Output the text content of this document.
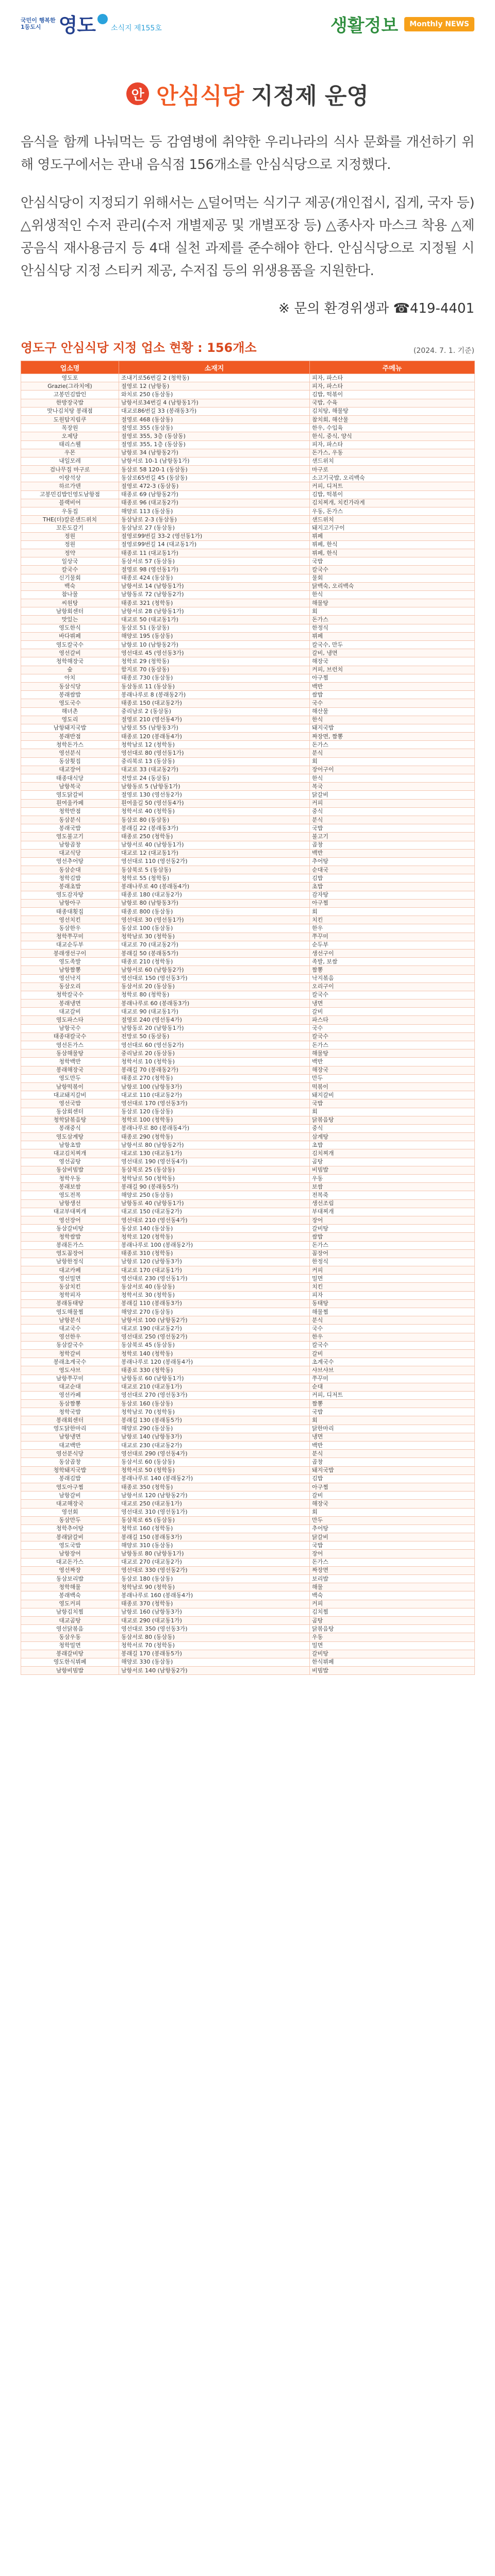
국민이 행복한
1등도시 영도 소식지 제155호	생활정보	Monthly NEWS
안 안심식당 지정제 운영
음식을 함께 나눠먹는 등 감염병에 취약한 우리나라의 식사 문화를 개선하기 위해 영도구에서는 관내 음식점 156개소를 안심식당으로 지정했다.
안심식당이 지정되기 위해서는 △덜어먹는 식기구 제공(개인접시, 집게, 국자 등) △위생적인 수저 관리(수저 개별제공 및 개별포장 등) △종사자 마스크 착용 △제공음식 재사용금지 등 4대 실천 과제를 준수해야 한다. 안심식당으로 지정될 시 안심식당 지정 스티커 제공, 수저집 등의 위생용품을 지원한다.
※ 문의 환경위생과 ☎419-4401
영도구 안심식당 지정 업소 현황 : 156개소	(2024. 7. 1. 기준)
업소명	소재지	주메뉴
영도포	조내기로56번길 2 (청학동)	피자, 파스타
Grazie(그라치에)	절영로 12 (남항동)	피자, 파스타
고봉민김밥인	와치로 250 (동삼동)	김밥, 떡볶이
한방장국밥	남항서로34번길 4 (남항동1가)	국밥, 수육
맛나김치탕 봉래점	대교로86번길 33 (봉래동3가)	김치탕, 해물탕
도원탐지림쿠	절영로 468 (동삼동)	참치회, 해산물
목장원	절영로 355 (동삼동)	한우, 수입육
오제당	절영로 355, 3층 (동삼동)	한식, 중식, 양식
태리스웰	절영로 355, 1층 (동삼동)	피자, 파스타
우몬	남항로 34 (남항동2가)	돈가스, 우동
내일모레	남항서로 10-1 (남항동1가)	샌드위치
검나무집 마구로	동삼로 58 120-1 (동삼동)	마구로
이랑석상	동삼로65번길 45 (동삼동)	소고기국밥, 오리백숙
하르가덴	절영로 472-3 (동삼동)	커피, 디저트
고봉민김밥인영도남항점	태종로 69 (남항동2가)	김밥, 떡볶이
블랙비어	태종로 96 (대교동2가)	김치찌개, 치킨가라게
우동집	해양로 113 (동삼동)	우동, 돈가스
THE(더)칼론샌드위치	동삼남로 2-3 (동삼동)	샌드위치
꼬돈도갈기	동삼남로 27 (동삼동)	돼지고기구이
정원	절영로99번길 33-2 (영선동1가)	뷔페
정원	절영로99번길 14 (대교동1가)	뷔페, 한식
정약	태종로 11 (대교동1가)	뷔페, 한식
일상국	동삼서로 57 (동삼동)	국밥
칼국수	절영로 98 (영선동1가)	칼국수
신기물회	태종로 424 (동삼동)	물회
백숙	남항서로 14 (남항동1가)	닭백숙, 오리백숙
참나물	남항동로 72 (남항동2가)	한식
씨원탕	태종로 321 (청학동)	해물탕
남항회센터	남항서로 28 (남항동1가)	회
맛있는	대교로 50 (대교동1가)	돈가스
영도한식	동삼로 51 (동삼동)	한정식
바다뷔페	해양로 195 (동삼동)	뷔페
영도칼국수	남항로 10 (남항동2가)	칼국수, 만두
영선갈비	영선대로 45 (영선동3가)	갈비, 냉면
청학해장국	청학로 29 (청학동)	해장국
숲	함지로 70 (동삼동)	커피, 브런치
아치	태종로 730 (동삼동)	아구찜
동삼식당	동삼동로 11 (동삼동)	백반
봉래쌈밥	봉래나루로 8 (봉래동2가)	쌈밥
영도국수	태종로 150 (대교동2가)	국수
해녀촌	중리남로 2 (동삼동)	해산물
영도리	절영로 210 (영선동4가)	한식
남항돼지국밥	남항로 55 (남항동3가)	돼지국밥
봉래반점	태종로 120 (봉래동4가)	짜장면, 짬뽕
청학돈가스	청학남로 12 (청학동)	돈가스
영선분식	영선대로 80 (영선동1가)	분식
동삼횟집	중리북로 13 (동삼동)	회
대교장어	대교로 33 (대교동2가)	장어구이
태종대식당	전망로 24 (동삼동)	한식
남항복국	남항동로 5 (남항동1가)	복국
영도닭갈비	절영로 130 (영선동2가)	닭갈비
흰여울카페	흰여울길 50 (영선동4가)	커피
청학반점	청학서로 40 (청학동)	중식
동삼분식	동삼로 80 (동삼동)	분식
봉래국밥	봉래길 22 (봉래동3가)	국밥
영도불고기	태종로 250 (청학동)	불고기
남항곱창	남항서로 40 (남항동1가)	곱창
대교식당	대교로 12 (대교동1가)	백반
영선추어탕	영선대로 110 (영선동2가)	추어탕
동삼순대	동삼북로 5 (동삼동)	순대국
청학김밥	청학로 55 (청학동)	김밥
봉래초밥	봉래나루로 40 (봉래동4가)	초밥
영도감자탕	태종로 180 (대교동2가)	감자탕
남항아구	남항로 80 (남항동3가)	아구찜
태종대횟집	태종로 800 (동삼동)	회
영선치킨	영선대로 30 (영선동1가)	치킨
동삼한우	동삼로 100 (동삼동)	한우
청학쭈꾸미	청학남로 30 (청학동)	쭈꾸미
대교순두부	대교로 70 (대교동2가)	순두부
봉래생선구이	봉래길 50 (봉래동5가)	생선구이
영도족발	태종로 210 (청학동)	족발, 보쌈
남항짬뽕	남항서로 60 (남항동2가)	짬뽕
영선낙지	영선대로 150 (영선동3가)	낙지볶음
동삼오리	동삼서로 20 (동삼동)	오리구이
청학칼국수	청학로 80 (청학동)	칼국수
봉래냉면	봉래나루로 60 (봉래동3가)	냉면
대교갈비	대교로 90 (대교동1가)	갈비
영도파스타	절영로 240 (영선동4가)	파스타
남항국수	남항동로 20 (남항동1가)	국수
태종대칼국수	전망로 50 (동삼동)	칼국수
영선돈가스	영선대로 60 (영선동2가)	돈가스
동삼해물탕	중리남로 20 (동삼동)	해물탕
청학백반	청학서로 10 (청학동)	백반
봉래해장국	봉래길 70 (봉래동2가)	해장국
영도만두	태종로 270 (청학동)	만두
남항떡볶이	남항로 100 (남항동3가)	떡볶이
대교돼지갈비	대교로 110 (대교동2가)	돼지갈비
영선국밥	영선대로 170 (영선동3가)	국밥
동삼회센터	동삼로 120 (동삼동)	회
청학닭볶음탕	청학로 100 (청학동)	닭볶음탕
봉래중식	봉래나루로 80 (봉래동4가)	중식
영도삼계탕	태종로 290 (청학동)	삼계탕
남항초밥	남항서로 80 (남항동2가)	초밥
대교김치찌개	대교로 130 (대교동1가)	김치찌개
영선곰탕	영선대로 190 (영선동4가)	곰탕
동삼비빔밥	동삼북로 25 (동삼동)	비빔밥
청학우동	청학남로 50 (청학동)	우동
봉래보쌈	봉래길 90 (봉래동5가)	보쌈
영도전복	해양로 250 (동삼동)	전복죽
남항생선	남항동로 40 (남항동1가)	생선조림
대교부대찌개	대교로 150 (대교동2가)	부대찌개
영선장어	영선대로 210 (영선동4가)	장어
동삼갈비탕	동삼로 140 (동삼동)	갈비탕
청학쌈밥	청학로 120 (청학동)	쌈밥
봉래돈가스	봉래나루로 100 (봉래동2가)	돈가스
영도꼼장어	태종로 310 (청학동)	꼼장어
남항한정식	남항로 120 (남항동3가)	한정식
대교카페	대교로 170 (대교동1가)	커피
영선밀면	영선대로 230 (영선동1가)	밀면
동삼치킨	동삼서로 40 (동삼동)	치킨
청학피자	청학서로 30 (청학동)	피자
봉래동태탕	봉래길 110 (봉래동3가)	동태탕
영도해물찜	해양로 270 (동삼동)	해물찜
남항분식	남항서로 100 (남항동2가)	분식
대교국수	대교로 190 (대교동2가)	국수
영선한우	영선대로 250 (영선동2가)	한우
동삼칼국수	동삼북로 45 (동삼동)	칼국수
청학갈비	청학로 140 (청학동)	갈비
봉래초계국수	봉래나루로 120 (봉래동4가)	초계국수
영도샤브	태종로 330 (청학동)	샤브샤브
남항쭈꾸미	남항동로 60 (남항동1가)	쭈꾸미
대교순대	대교로 210 (대교동1가)	순대
영선카페	영선대로 270 (영선동3가)	커피, 디저트
동삼짬뽕	동삼로 160 (동삼동)	짬뽕
청학국밥	청학남로 70 (청학동)	국밥
봉래회센터	봉래길 130 (봉래동5가)	회
영도닭한마리	해양로 290 (동삼동)	닭한마리
남항냉면	남항로 140 (남항동3가)	냉면
대교백반	대교로 230 (대교동2가)	백반
영선분식당	영선대로 290 (영선동4가)	분식
동삼곱창	동삼서로 60 (동삼동)	곱창
청학돼지국밥	청학서로 50 (청학동)	돼지국밥
봉래김밥	봉래나루로 140 (봉래동2가)	김밥
영도아구찜	태종로 350 (청학동)	아구찜
남항갈비	남항서로 120 (남항동2가)	갈비
대교해장국	대교로 250 (대교동1가)	해장국
영선회	영선대로 310 (영선동1가)	회
동삼만두	동삼북로 65 (동삼동)	만두
청학추어탕	청학로 160 (청학동)	추어탕
봉래닭갈비	봉래길 150 (봉래동3가)	닭갈비
영도국밥	해양로 310 (동삼동)	국밥
남항장어	남항동로 80 (남항동1가)	장어
대교돈가스	대교로 270 (대교동2가)	돈가스
영선짜장	영선대로 330 (영선동2가)	짜장면
동삼보리밥	동삼로 180 (동삼동)	보리밥
청학해물	청학남로 90 (청학동)	해물
봉래백숙	봉래나루로 160 (봉래동4가)	백숙
영도커피	태종로 370 (청학동)	커피
남항김치찜	남항로 160 (남항동3가)	김치찜
대교곰탕	대교로 290 (대교동1가)	곰탕
영선닭볶음	영선대로 350 (영선동3가)	닭볶음탕
동삼우동	동삼서로 80 (동삼동)	우동
청학밀면	청학서로 70 (청학동)	밀면
봉래갈비탕	봉래길 170 (봉래동5가)	갈비탕
영도한식뷔페	해양로 330 (동삼동)	한식뷔페
남항비빔밥	남항서로 140 (남항동2가)	비빔밥
